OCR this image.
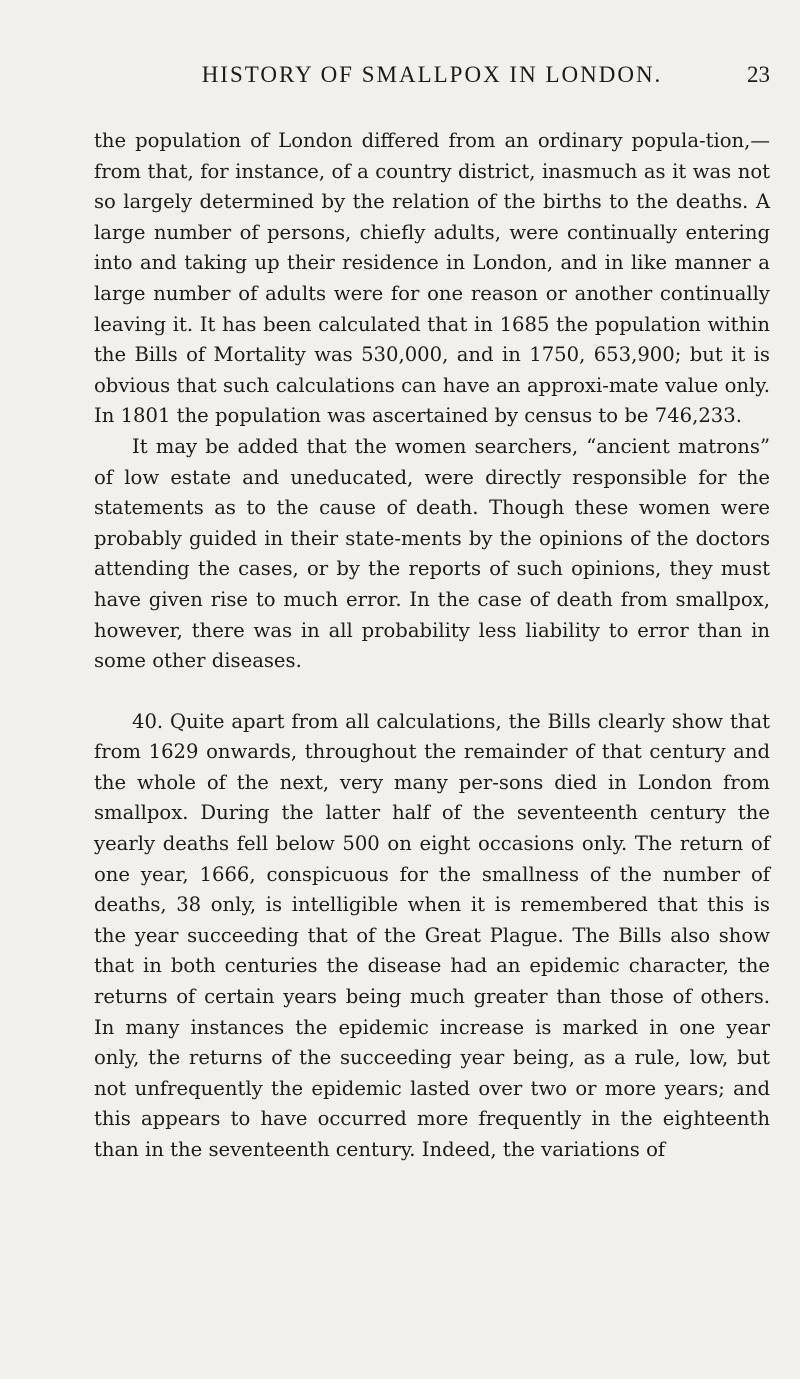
HISTORY OF SMALLPOX IN LONDON.	23

the population of London differed from an ordinary popula-tion,—from that, for instance, of a country district, inasmuch as it was not so largely determined by the relation of the births to the deaths. A large number of persons, chiefly adults, were continually entering into and taking up their residence in London, and in like manner a large number of adults were for one reason or another continually leaving it. It has been calculated that in 1685 the population within the Bills of Mortality was 530,000, and in 1750, 653,900; but it is obvious that such calculations can have an approxi-mate value only. In 1801 the population was ascertained by census to be 746,233.

It may be added that the women searchers, “ancient matrons” of low estate and uneducated, were directly responsible for the statements as to the cause of death. Though these women were probably guided in their state-ments by the opinions of the doctors attending the cases, or by the reports of such opinions, they must have given rise to much error. In the case of death from smallpox, however, there was in all probability less liability to error than in some other diseases.

40. Quite apart from all calculations, the Bills clearly show that from 1629 onwards, throughout the remainder of that century and the whole of the next, very many per-sons died in London from smallpox. During the latter half of the seventeenth century the yearly deaths fell below 500 on eight occasions only. The return of one year, 1666, conspicuous for the smallness of the number of deaths, 38 only, is intelligible when it is remembered that this is the year succeeding that of the Great Plague. The Bills also show that in both centuries the disease had an epidemic character, the returns of certain years being much greater than those of others. In many instances the epidemic increase is marked in one year only, the returns of the succeeding year being, as a rule, low, but not unfrequently the epidemic lasted over two or more years; and this appears to have occurred more frequently in the eighteenth than in the seventeenth century. Indeed, the variations of
